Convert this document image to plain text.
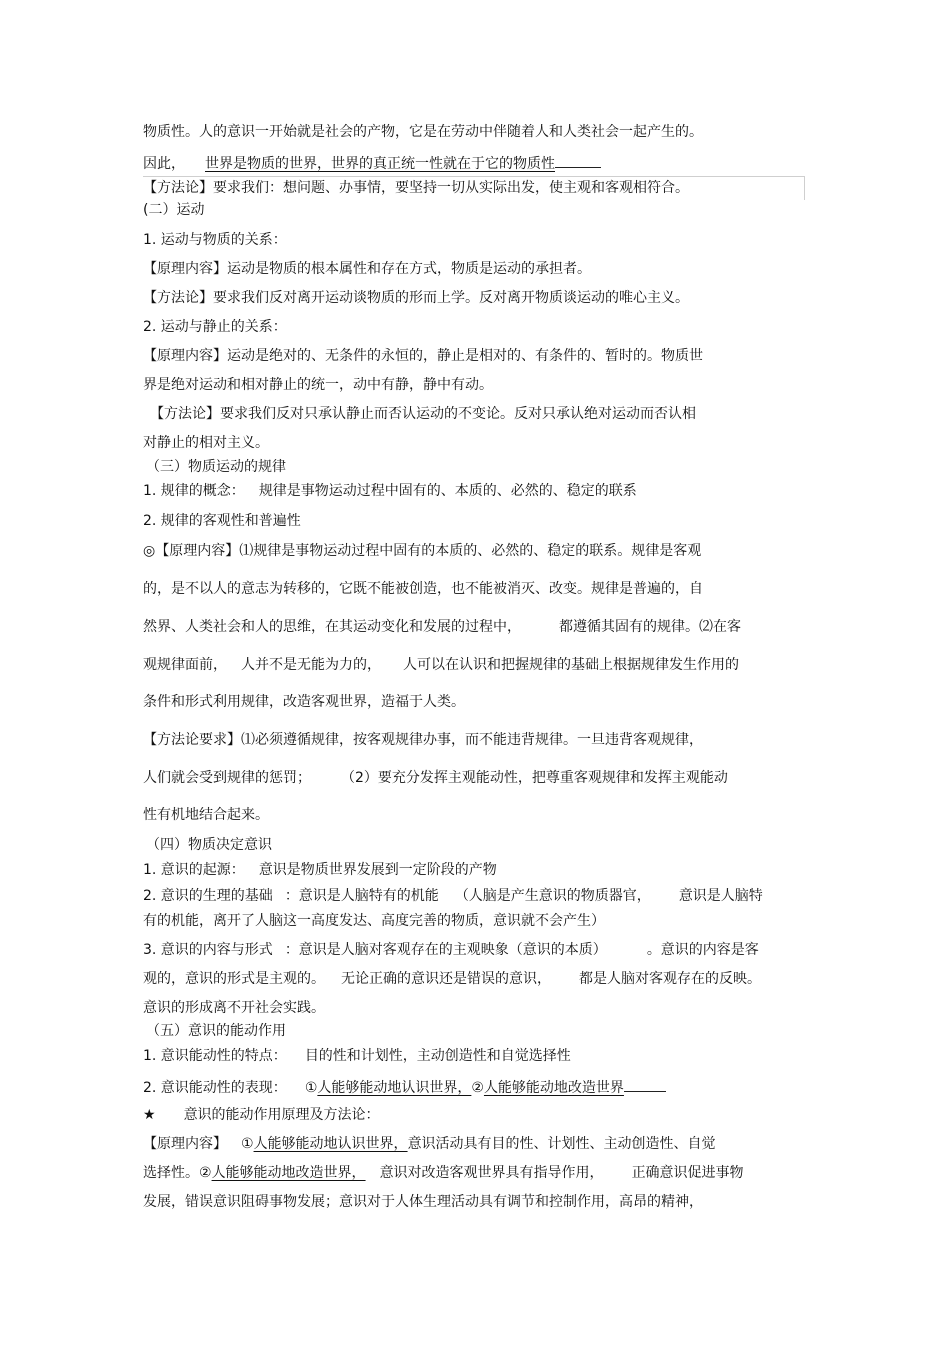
物质性。人的意识一开始就是社会的产物，它是在劳动中伴随着人和人类社会一起产生的。
因此， 世界是物质的世界，世界的真正统一性就在于它的物质性
【方法论】要求我们：想问题、办事情，要坚持一切从实际出发，使主观和客观相符合。
(二）运动
1. 运动与物质的关系：
【原理内容】运动是物质的根本属性和存在方式，物质是运动的承担者。
【方法论】要求我们反对离开运动谈物质的形而上学。反对离开物质谈运动的唯心主义。
2. 运动与静止的关系：
【原理内容】运动是绝对的、无条件的永恒的，静止是相对的、有条件的、暂时的。物质世
界是绝对运动和相对静止的统一，动中有静，静中有动。
【方法论】要求我们反对只承认静止而否认运动的不变论。反对只承认绝对运动而否认相
对静止的相对主义。
（三）物质运动的规律
1. 规律的概念： 规律是事物运动过程中固有的、本质的、必然的、稳定的联系
2. 规律的客观性和普遍性
◎【原理内容】⑴规律是事物运动过程中固有的本质的、必然的、稳定的联系。规律是客观
的，是不以人的意志为转移的，它既不能被创造，也不能被消灭、改变。规律是普遍的，自
然界、人类社会和人的思维，在其运动变化和发展的过程中，	都遵循其固有的规律。⑵在客
观规律面前， 人并不是无能为力的， 人可以在认识和把握规律的基础上根据规律发生作用的
条件和形式利用规律，改造客观世界，造福于人类。
【方法论要求】⑴必须遵循规律，按客观规律办事，而不能违背规律。一旦违背客观规律，
人们就会受到规律的惩罚； （2）要充分发挥主观能动性，把尊重客观规律和发挥主观能动
性有机地结合起来。
（四）物质决定意识
1. 意识的起源： 意识是物质世界发展到一定阶段的产物
2. 意识的生理的基础 ：意识是人脑特有的机能 （人脑是产生意识的物质器官， 意识是人脑特
有的机能，离开了人脑这一高度发达、高度完善的物质，意识就不会产生）
3. 意识的内容与形式 ：意识是人脑对客观存在的主观映象（意识的本质）	。意识的内容是客
观的，意识的形式是主观的。 无论正确的意识还是错误的意识， 都是人脑对客观存在的反映。
意识的形成离不开社会实践。
（五）意识的能动作用
1. 意识能动性的特点： 目的性和计划性，主动创造性和自觉选择性
2. 意识能动性的表现： ①人能够能动地认识世界，②人能够能动地改造世界
★ 意识的能动作用原理及方法论：
【原理内容】 ①人能够能动地认识世界，意识活动具有目的性、计划性、主动创造性、自觉
选择性。②人能够能动地改造世界， 意识对改造客观世界具有指导作用， 正确意识促进事物
发展，错误意识阻碍事物发展；意识对于人体生理活动具有调节和控制作用，高昂的精神，
